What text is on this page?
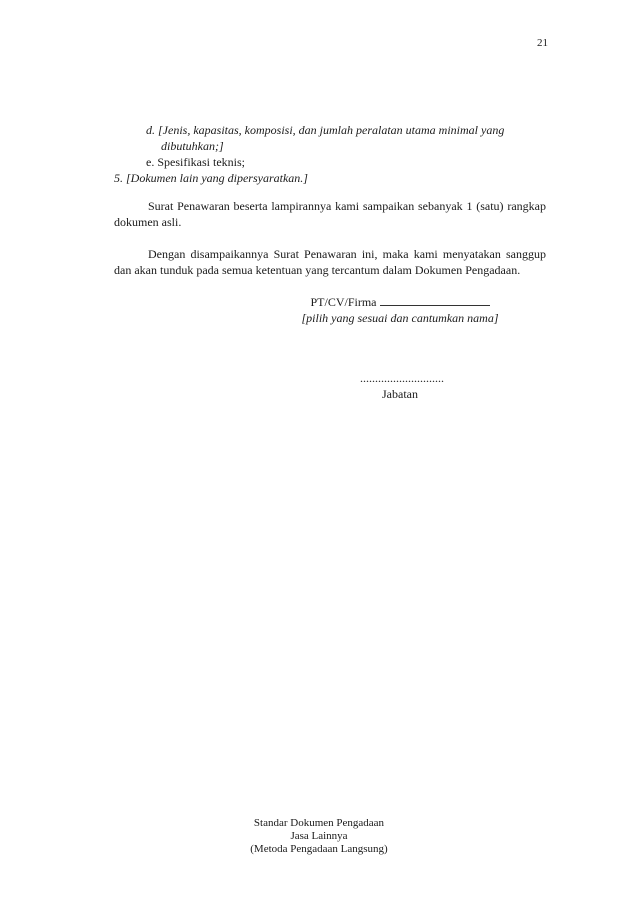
21
d. [Jenis, kapasitas, komposisi, dan jumlah peralatan utama minimal yang dibutuhkan;]
e. Spesifikasi teknis;
5. [Dokumen lain yang dipersyaratkan.]

Surat Penawaran beserta lampirannya kami sampaikan sebanyak 1 (satu) rangkap dokumen asli.

Dengan disampaikannya Surat Penawaran ini, maka kami menyatakan sanggup dan akan tunduk pada semua ketentuan yang tercantum dalam Dokumen Pengadaan.

PT/CV/Firma
[pilih yang sesuai dan cantumkan nama]
............................
Jabatan
Standar Dokumen Pengadaan
Jasa Lainnya
(Metoda Pengadaan Langsung)
